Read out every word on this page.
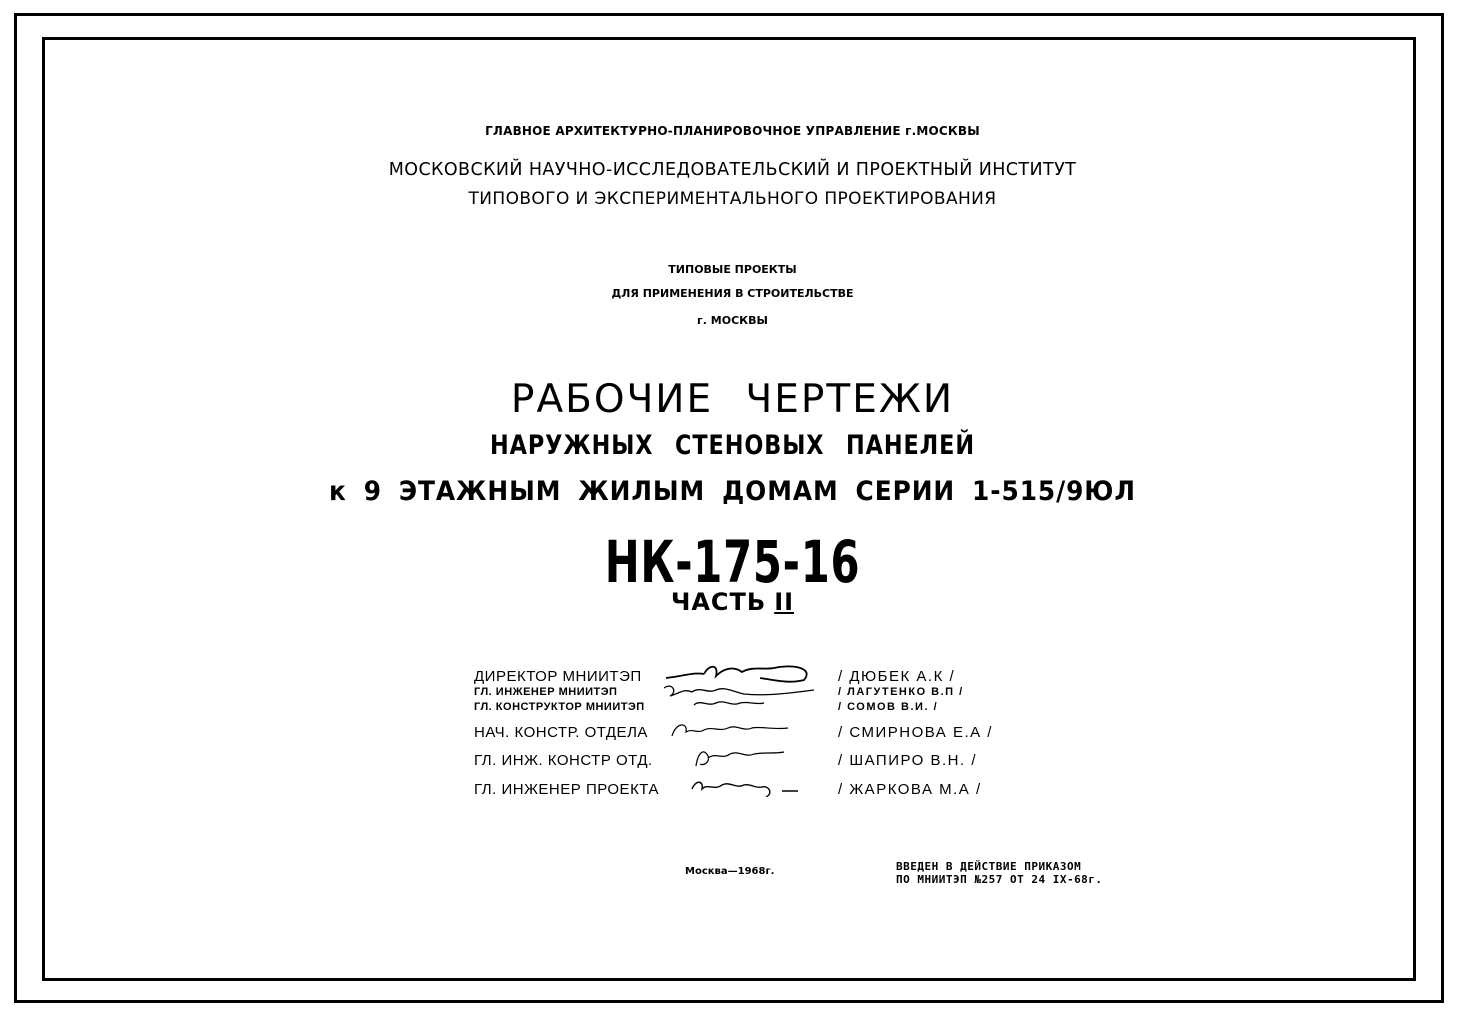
ГЛАВНОЕ АРХИТЕКТУРНО-ПЛАНИРОВОЧНОЕ УПРАВЛЕНИЕ г.МОСКВЫ
МОСКОВСКИЙ НАУЧНО-ИССЛЕДОВАТЕЛЬСКИЙ И ПРОЕКТНЫЙ ИНСТИТУТ
ТИПОВОГО И ЭКСПЕРИМЕНТАЛЬНОГО ПРОЕКТИРОВАНИЯ
ТИПОВЫЕ ПРОЕКТЫ
ДЛЯ ПРИМЕНЕНИЯ В СТРОИТЕЛЬСТВЕ
г. МОСКВЫ
РАБОЧИЕ ЧЕРТЕЖИ
НАРУЖНЫХ СТЕНОВЫХ ПАНЕЛЕЙ
к 9 ЭТАЖНЫМ ЖИЛЫМ ДОМАМ СЕРИИ 1-515/9ЮЛ
НК-175-16
ЧАСТЬ II
ДИРЕКТОР МНИИТЭП	/ ДЮБЕК А.К /
ГЛ. ИНЖЕНЕР МНИИТЭП	/ ЛАГУТЕНКО В.П /
ГЛ. КОНСТРУКТОР МНИИТЭП	/ СОМОВ В.И. /
НАЧ. КОНСТР. ОТДЕЛА	/ СМИРНОВА Е.А /
ГЛ. ИНЖ. КОНСТР ОТД.	/ ШАПИРО В.Н. /
ГЛ. ИНЖЕНЕР ПРОЕКТА	/ ЖАРКОВА М.А /
Москва—1968г.	ВВЕДЕН В ДЕЙСТВИЕ ПРИКАЗОМ
ПО МНИИТЭП №257 ОТ 24 IX-68г.
